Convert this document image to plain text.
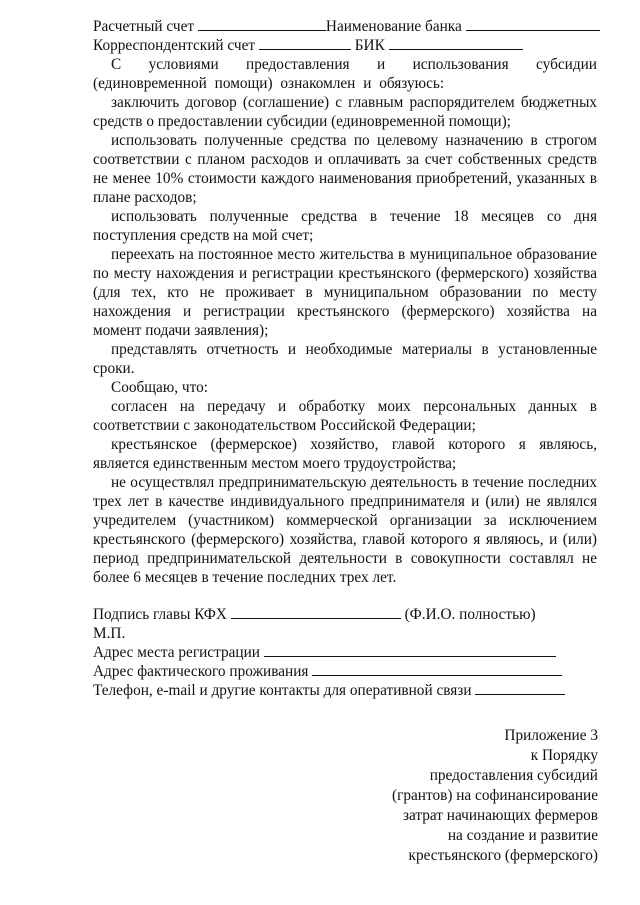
Расчетный счет	Наименование банка
Корреспондентский счет	БИК
С условиями предоставления и использования субсидии (единовременной помощи) ознакомлен и обязуюсь:
заключить договор (соглашение) с главным распорядителем бюджетных средств о предоставлении субсидии (единовременной помощи);
использовать полученные средства по целевому назначению в строгом соответствии с планом расходов и оплачивать за счет собственных средств не менее 10% стоимости каждого наименования приобретений, указанных в плане расходов;
использовать полученные средства в течение 18 месяцев со дня поступления средств на мой счет;
переехать на постоянное место жительства в муниципальное образование по месту нахождения и регистрации крестьянского (фермерского) хозяйства (для тех, кто не проживает в муниципальном образовании по месту нахождения и регистрации крестьянского (фермерского) хозяйства на момент подачи заявления);
представлять отчетность и необходимые материалы в установленные сроки.
Сообщаю, что:
согласен на передачу и обработку моих персональных данных в соответствии с законодательством Российской Федерации;
крестьянское (фермерское) хозяйство, главой которого я являюсь, является единственным местом моего трудоустройства;
не осуществлял предпринимательскую деятельность в течение последних трех лет в качестве индивидуального предпринимателя и (или) не являлся учредителем (участником) коммерческой организации за исключением крестьянского (фермерского) хозяйства, главой которого я являюсь, и (или) период предпринимательской деятельности в совокупности составлял не более 6 месяцев в течение последних трех лет.
Подпись главы КФХ	(Ф.И.О. полностью)
М.П.
Адрес места регистрации
Адрес фактического проживания
Телефон, e-mail и другие контакты для оперативной связи
Приложение 3
к Порядку
предоставления субсидий
(грантов) на софинансирование
затрат начинающих фермеров
на создание и развитие
крестьянского (фермерского)
